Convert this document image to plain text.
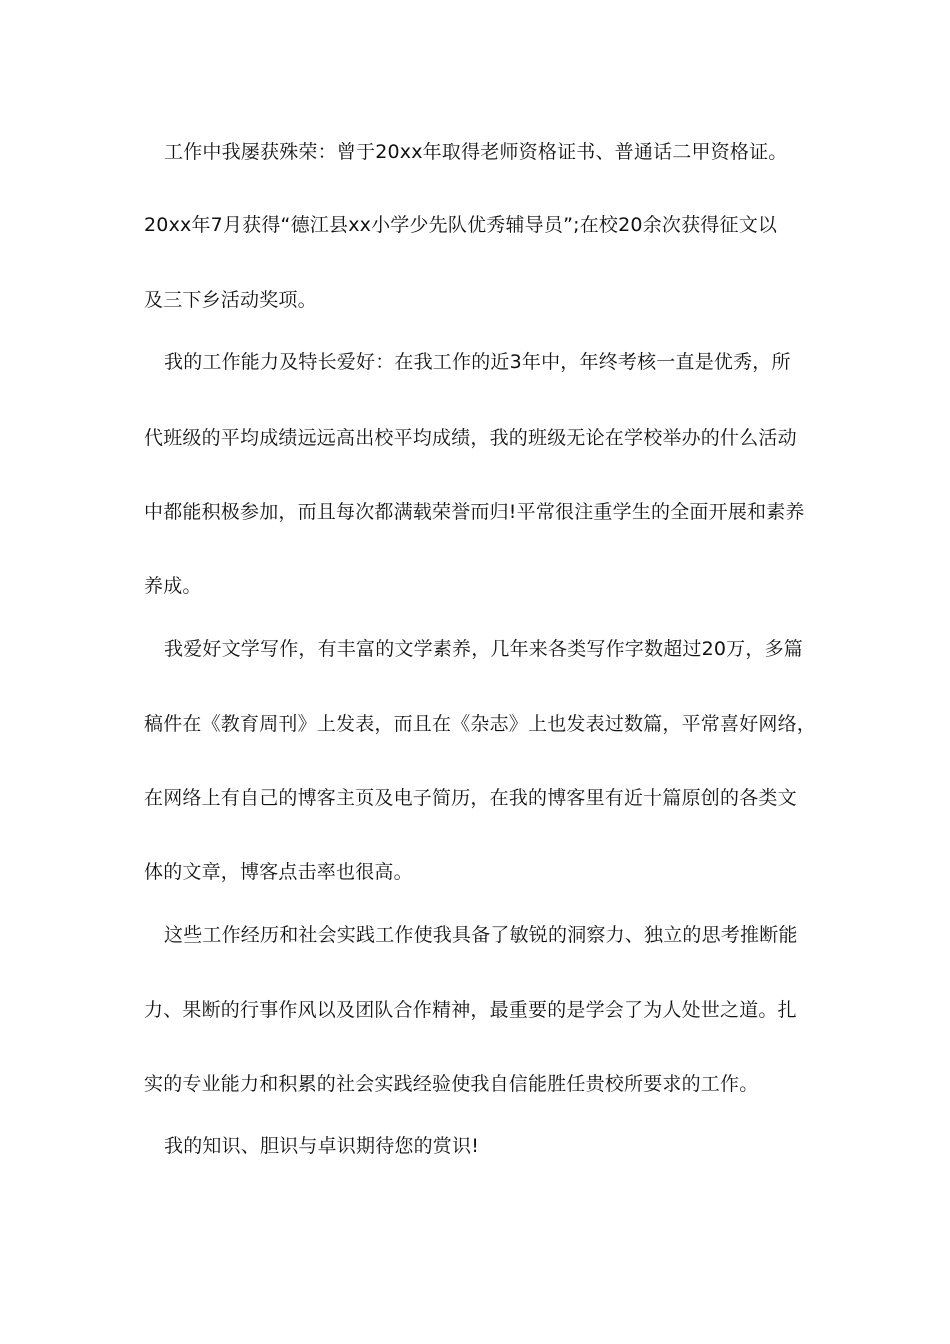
工作中我屡获殊荣：曾于20xx年取得老师资格证书、普通话二甲资格证。
20xx年7月获得“德江县xx小学少先队优秀辅导员”;在校20余次获得征文以
及三下乡活动奖项。
我的工作能力及特长爱好：在我工作的近3年中，年终考核一直是优秀，所
代班级的平均成绩远远高出校平均成绩，我的班级无论在学校举办的什么活动
中都能积极参加，而且每次都满载荣誉而归!平常很注重学生的全面开展和素养
养成。
我爱好文学写作，有丰富的文学素养，几年来各类写作字数超过20万，多篇
稿件在《教育周刊》上发表，而且在《杂志》上也发表过数篇，平常喜好网络，
在网络上有自己的博客主页及电子简历，在我的博客里有近十篇原创的各类文
体的文章，博客点击率也很高。
这些工作经历和社会实践工作使我具备了敏锐的洞察力、独立的思考推断能
力、果断的行事作风以及团队合作精神，最重要的是学会了为人处世之道。扎
实的专业能力和积累的社会实践经验使我自信能胜任贵校所要求的工作。
我的知识、胆识与卓识期待您的赏识!
